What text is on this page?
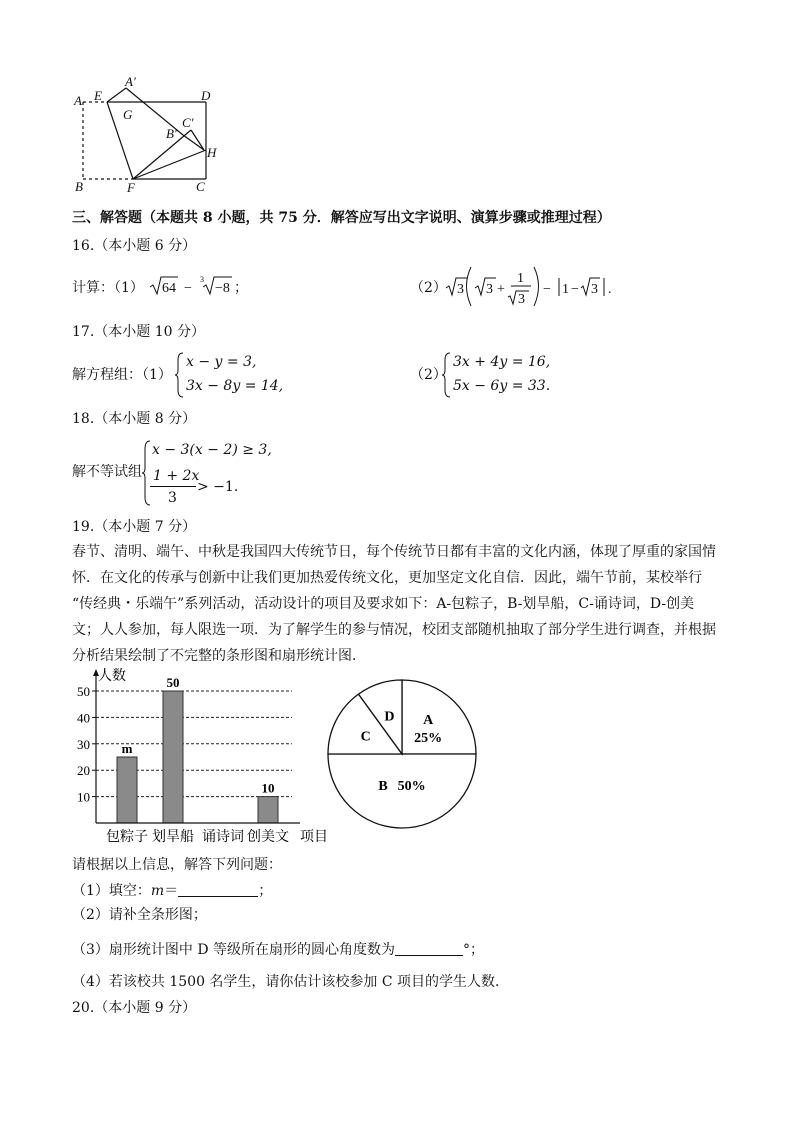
A E
A′
D
G
B′
C′
H
B	F	C
三、解答题（本题共 8 小题，共 75 分．解答应写出文字说明、演算步骤或推理过程）
16.（本小题 6 分）
计算：（1） 64 −
3
−8 ；	（2） 3 3 +
1
3
− 1 − 3 .
17.（本小题 10 分）
解方程组：（1）
x − y = 3,
3x − 8y = 14,
（2）
3x + 4y = 16,
5x − 6y = 33.
18.（本小题 8 分）
解不等试组
x − 3(x − 2) ≥ 3,
1 + 2x
3
> −1.
19.（本小题 7 分）
春节、清明、端午、中秋是我国四大传统节日，每个传统节日都有丰富的文化内涵，体现了厚重的家国情
怀．在文化的传承与创新中让我们更加热爱传统文化，更加坚定文化自信．因此，端午节前，某校举行
“传经典・乐端午”系列活动，活动设计的项目及要求如下：A-包粽子，B-划旱船，C-诵诗词，D-创美
文；人人参加，每人限选一项．为了解学生的参与情况，校团支部随机抽取了部分学生进行调查，并根据
分析结果绘制了不完整的条形图和扇形统计图．
人数
项目
10
20
30
40
50
m
50
10
包粽子 划旱船 诵诗词 创美文
A
25%
B 50%
C
D
请根据以上信息，解答下列问题：
（1）填空：m＝	；
（2）请补全条形图；
（3）扇形统计图中 D 等级所在扇形的圆心角度数为	°；
（4）若该校共 1500 名学生，请你估计该校参加 C 项目的学生人数．
20.（本小题 9 分）
